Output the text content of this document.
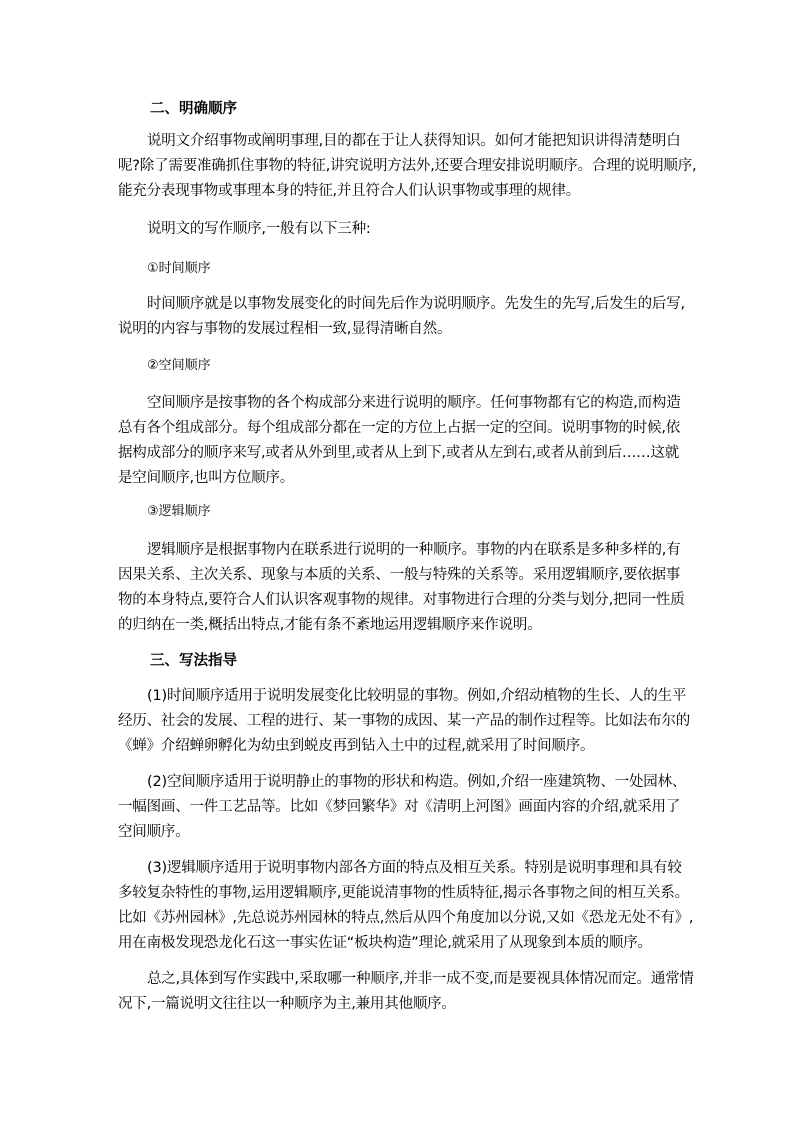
二、明确顺序
说明文介绍事物或阐明事理,目的都在于让人获得知识。如何才能把知识讲得清楚明白
呢?除了需要准确抓住事物的特征,讲究说明方法外,还要合理安排说明顺序。合理的说明顺序,
能充分表现事物或事理本身的特征,并且符合人们认识事物或事理的规律。
说明文的写作顺序,一般有以下三种:
①时间顺序
时间顺序就是以事物发展变化的时间先后作为说明顺序。先发生的先写,后发生的后写,
说明的内容与事物的发展过程相一致,显得清晰自然。
②空间顺序
空间顺序是按事物的各个构成部分来进行说明的顺序。任何事物都有它的构造,而构造
总有各个组成部分。每个组成部分都在一定的方位上占据一定的空间。说明事物的时候,依
据构成部分的顺序来写,或者从外到里,或者从上到下,或者从左到右,或者从前到后……这就
是空间顺序,也叫方位顺序。
③逻辑顺序
逻辑顺序是根据事物内在联系进行说明的一种顺序。事物的内在联系是多种多样的,有
因果关系、主次关系、现象与本质的关系、一般与特殊的关系等。采用逻辑顺序,要依据事
物的本身特点,要符合人们认识客观事物的规律。对事物进行合理的分类与划分,把同一性质
的归纳在一类,概括出特点,才能有条不紊地运用逻辑顺序来作说明。
三、写法指导
(1)时间顺序适用于说明发展变化比较明显的事物。例如,介绍动植物的生长、人的生平
经历、社会的发展、工程的进行、某一事物的成因、某一产品的制作过程等。比如法布尔的
《蝉》介绍蝉卵孵化为幼虫到蜕皮再到钻入土中的过程,就采用了时间顺序。
(2)空间顺序适用于说明静止的事物的形状和构造。例如,介绍一座建筑物、一处园林、
一幅图画、一件工艺品等。比如《梦回繁华》对《清明上河图》画面内容的介绍,就采用了
空间顺序。
(3)逻辑顺序适用于说明事物内部各方面的特点及相互关系。特别是说明事理和具有较
多较复杂特性的事物,运用逻辑顺序,更能说清事物的性质特征,揭示各事物之间的相互关系。
比如《苏州园林》,先总说苏州园林的特点,然后从四个角度加以分说,又如《恐龙无处不有》,
用在南极发现恐龙化石这一事实佐证“板块构造”理论,就采用了从现象到本质的顺序。
总之,具体到写作实践中,采取哪一种顺序,并非一成不变,而是要视具体情况而定。通常情
况下,一篇说明文往往以一种顺序为主,兼用其他顺序。
